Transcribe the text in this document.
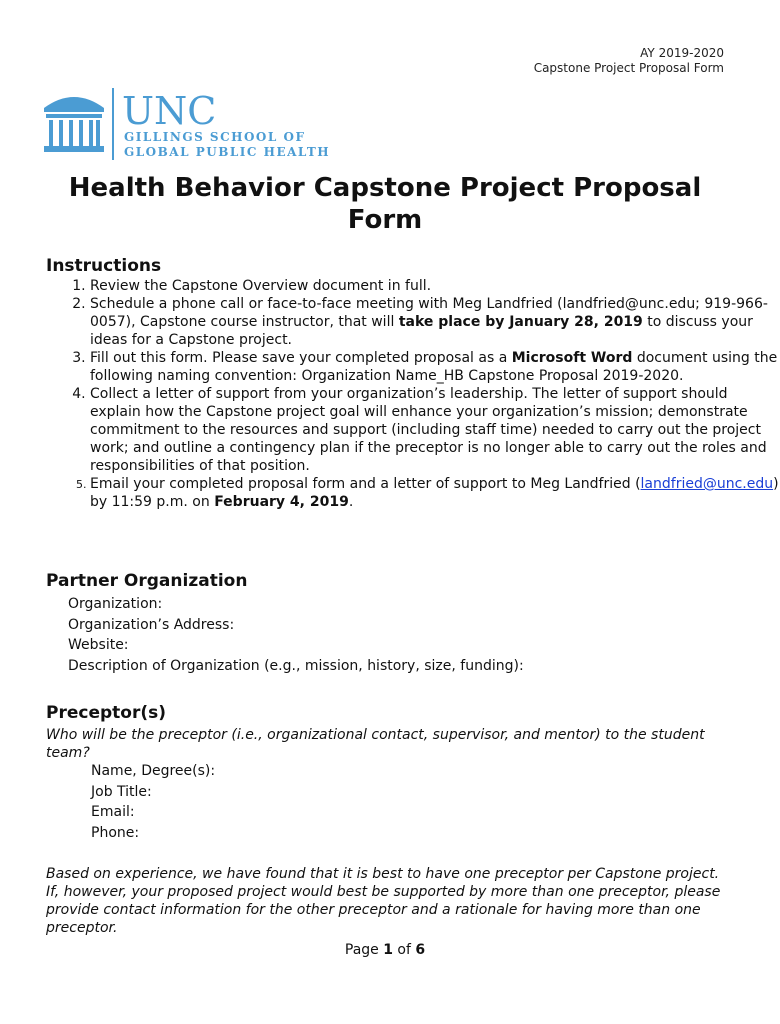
AY 2019-2020
Capstone Project Proposal Form
UNC
GILLINGS SCHOOL OF
GLOBAL PUBLIC HEALTH
Health Behavior Capstone Project Proposal Form
Instructions
1. Review the Capstone Overview document in full.
2. Schedule a phone call or face-to-face meeting with Meg Landfried (landfried@unc.edu; 919-966-0057), Capstone course instructor, that will take place by January 28, 2019 to discuss your ideas for a Capstone project.
3. Fill out this form. Please save your completed proposal as a Microsoft Word document using the following naming convention: Organization Name_HB Capstone Proposal 2019-2020.
4. Collect a letter of support from your organization’s leadership. The letter of support should explain how the Capstone project goal will enhance your organization’s mission; demonstrate commitment to the resources and support (including staff time) needed to carry out the project work; and outline a contingency plan if the preceptor is no longer able to carry out the roles and responsibilities of that position.
5. Email your completed proposal form and a letter of support to Meg Landfried (landfried@unc.edu) by 11:59 p.m. on February 4, 2019.
Partner Organization
Organization:
Organization’s Address:
Website:
Description of Organization (e.g., mission, history, size, funding):
Preceptor(s)

Who will be the preceptor (i.e., organizational contact, supervisor, and mentor) to the student team?

Name, Degree(s):
Job Title:
Email:
Phone:

Based on experience, we have found that it is best to have one preceptor per Capstone project. If, however, your proposed project would best be supported by more than one preceptor, please provide contact information for the other preceptor and a rationale for having more than one preceptor.

Page 1 of 6
